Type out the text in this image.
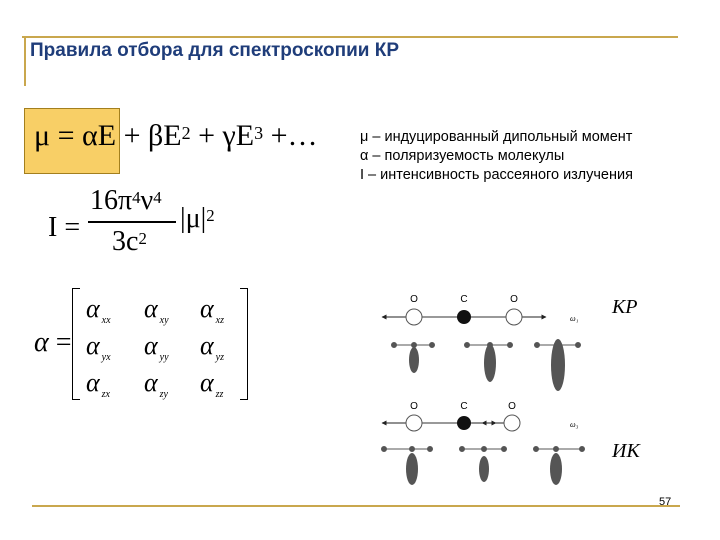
Правила отбора для спектроскопии КР
$\mu = \alpha E + \beta E^2 + \gamma E^3$ +…	μ – индуцированный дипольный момент
α – поляризуемость молекулы
I – интенсивность рассеяного излучения
I =
$16\pi^4\nu^4$
$3c^2$
$|\mu|^2$
α =
α $_{xx}$ α $_{xy}$ α $_{xz}$
α $_{yx}$ α $_{yy}$ α $_{yz}$
α $_{zx}$ α $_{zy}$ α $_{zz}$
O	C	O
ω₁
O	C	O
ω₃
КР
ИК
57
